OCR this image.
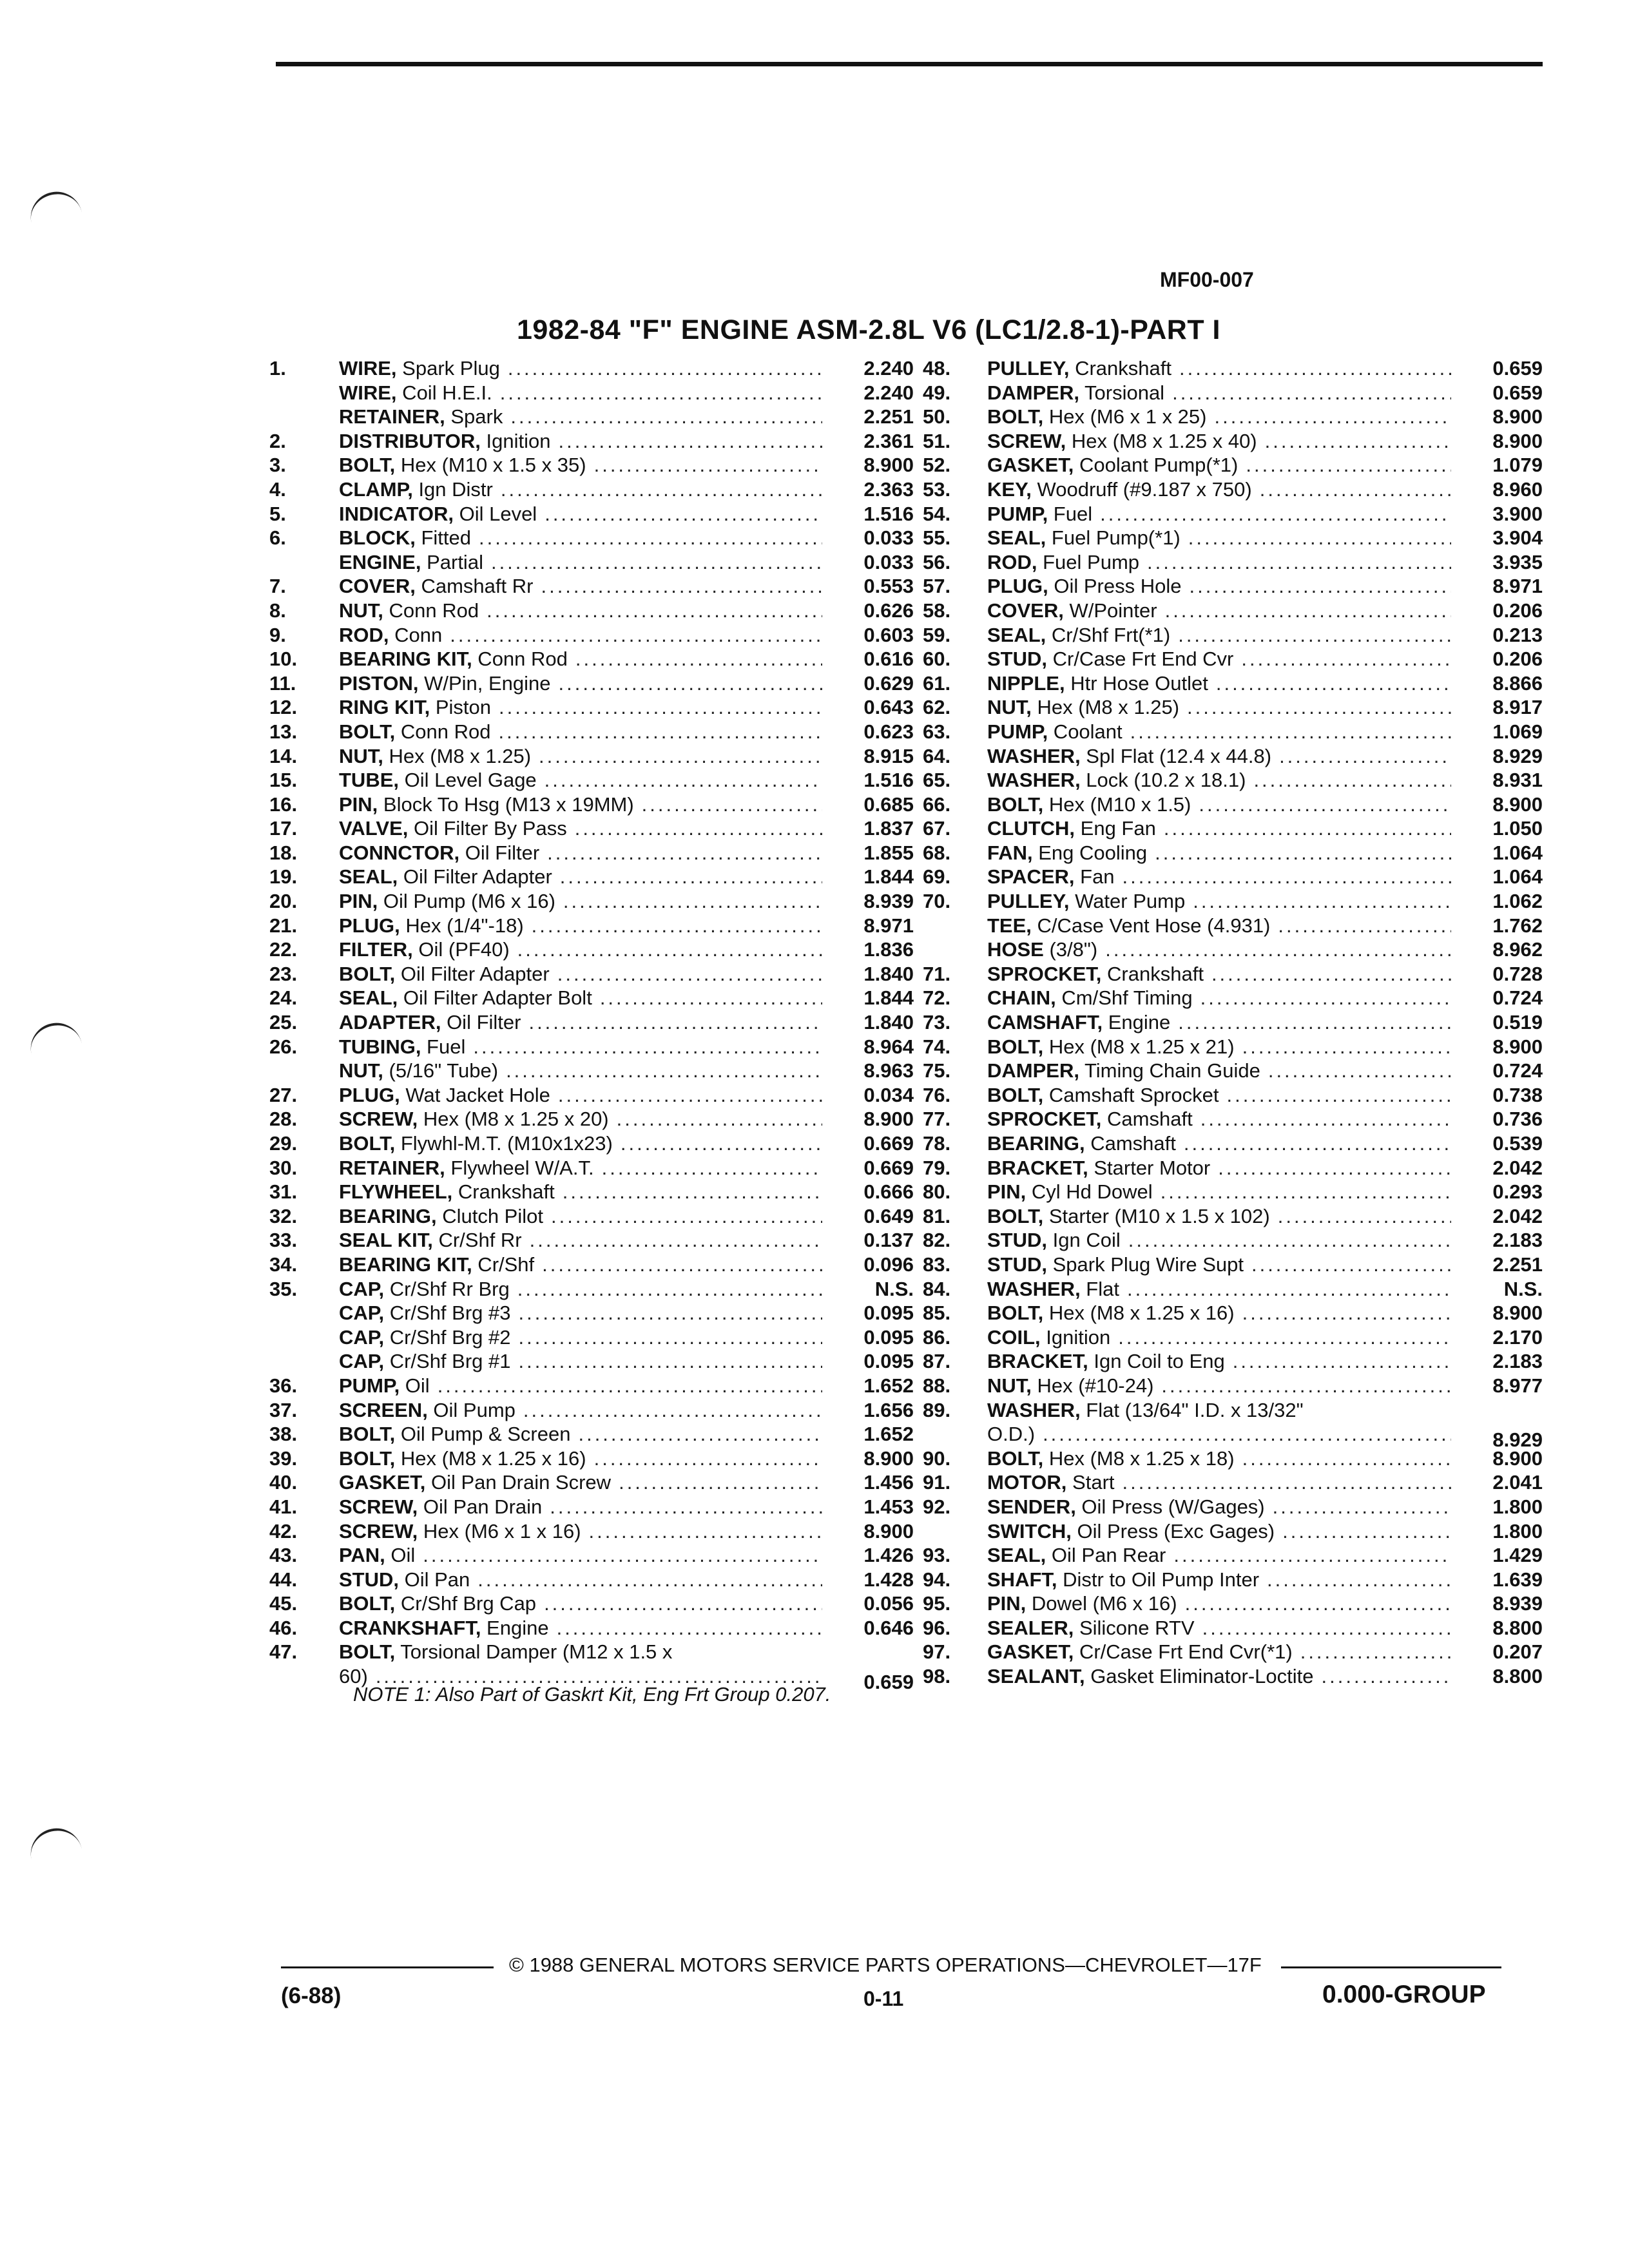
MF00-007
1982-84 "F" ENGINE ASM-2.8L V6 (LC1/2.8-1)-PART I
1.	WIRE, Spark Plug .....	2.240
WIRE, Coil H.E.I. .....	2.240
RETAINER, Spark .....	2.251
2.	DISTRIBUTOR, Ignition .....	2.361
3.	BOLT, Hex (M10 x 1.5 x 35) .....	8.900
4.	CLAMP, Ign Distr .....	2.363
5.	INDICATOR, Oil Level .....	1.516
6.	BLOCK, Fitted .....	0.033
ENGINE, Partial .....	0.033
7.	COVER, Camshaft Rr .....	0.553
8.	NUT, Conn Rod .....	0.626
9.	ROD, Conn .....	0.603
10.	BEARING KIT, Conn Rod .....	0.616
11.	PISTON, W/Pin, Engine .....	0.629
12.	RING KIT, Piston .....	0.643
13.	BOLT, Conn Rod .....	0.623
14.	NUT, Hex (M8 x 1.25) .....	8.915
15.	TUBE, Oil Level Gage .....	1.516
16.	PIN, Block To Hsg (M13 x 19MM) .....	0.685
17.	VALVE, Oil Filter By Pass .....	1.837
18.	CONNCTOR, Oil Filter .....	1.855
19.	SEAL, Oil Filter Adapter .....	1.844
20.	PIN, Oil Pump (M6 x 16) .....	8.939
21.	PLUG, Hex (1/4"-18) .....	8.971
22.	FILTER, Oil (PF40) .....	1.836
23.	BOLT, Oil Filter Adapter .....	1.840
24.	SEAL, Oil Filter Adapter Bolt .....	1.844
25.	ADAPTER, Oil Filter .....	1.840
26.	TUBING, Fuel .....	8.964
NUT, (5/16" Tube) .....	8.963
27.	PLUG, Wat Jacket Hole .....	0.034
28.	SCREW, Hex (M8 x 1.25 x 20) .....	8.900
29.	BOLT, Flywhl-M.T. (M10x1x23) .....	0.669
30.	RETAINER, Flywheel W/A.T. .....	0.669
31.	FLYWHEEL, Crankshaft .....	0.666
32.	BEARING, Clutch Pilot .....	0.649
33.	SEAL KIT, Cr/Shf Rr .....	0.137
34.	BEARING KIT, Cr/Shf .....	0.096
35.	CAP, Cr/Shf Rr Brg .....	N.S.
CAP, Cr/Shf Brg #3 .....	0.095
CAP, Cr/Shf Brg #2 .....	0.095
CAP, Cr/Shf Brg #1 .....	0.095
36.	PUMP, Oil .....	1.652
37.	SCREEN, Oil Pump .....	1.656
38.	BOLT, Oil Pump & Screen .....	1.652
39.	BOLT, Hex (M8 x 1.25 x 16) .....	8.900
40.	GASKET, Oil Pan Drain Screw .....	1.456
41.	SCREW, Oil Pan Drain .....	1.453
42.	SCREW, Hex (M6 x 1 x 16) .....	8.900
43.	PAN, Oil .....	1.426
44.	STUD, Oil Pan .....	1.428
45.	BOLT, Cr/Shf Brg Cap .....	0.056
46.	CRANKSHAFT, Engine .....	0.646
47.	BOLT, Torsional Damper (M12 x 1.5 x
60) .....	0.659
48.	PULLEY, Crankshaft .....	0.659
49.	DAMPER, Torsional .....	0.659
50.	BOLT, Hex (M6 x 1 x 25) .....	8.900
51.	SCREW, Hex (M8 x 1.25 x 40) .....	8.900
52.	GASKET, Coolant Pump(*1) .....	1.079
53.	KEY, Woodruff (#9.187 x 750) .....	8.960
54.	PUMP, Fuel .....	3.900
55.	SEAL, Fuel Pump(*1) .....	3.904
56.	ROD, Fuel Pump .....	3.935
57.	PLUG, Oil Press Hole .....	8.971
58.	COVER, W/Pointer .....	0.206
59.	SEAL, Cr/Shf Frt(*1) .....	0.213
60.	STUD, Cr/Case Frt End Cvr .....	0.206
61.	NIPPLE, Htr Hose Outlet .....	8.866
62.	NUT, Hex (M8 x 1.25) .....	8.917
63.	PUMP, Coolant .....	1.069
64.	WASHER, Spl Flat (12.4 x 44.8) .....	8.929
65.	WASHER, Lock (10.2 x 18.1) .....	8.931
66.	BOLT, Hex (M10 x 1.5) .....	8.900
67.	CLUTCH, Eng Fan .....	1.050
68.	FAN, Eng Cooling .....	1.064
69.	SPACER, Fan .....	1.064
70.	PULLEY, Water Pump .....	1.062
TEE, C/Case Vent Hose (4.931) .....	1.762
HOSE (3/8") .....	8.962
71.	SPROCKET, Crankshaft .....	0.728
72.	CHAIN, Cm/Shf Timing .....	0.724
73.	CAMSHAFT, Engine .....	0.519
74.	BOLT, Hex (M8 x 1.25 x 21) .....	8.900
75.	DAMPER, Timing Chain Guide .....	0.724
76.	BOLT, Camshaft Sprocket .....	0.738
77.	SPROCKET, Camshaft .....	0.736
78.	BEARING, Camshaft .....	0.539
79.	BRACKET, Starter Motor .....	2.042
80.	PIN, Cyl Hd Dowel .....	0.293
81.	BOLT, Starter (M10 x 1.5 x 102) .....	2.042
82.	STUD, Ign Coil .....	2.183
83.	STUD, Spark Plug Wire Supt .....	2.251
84.	WASHER, Flat .....	N.S.
85.	BOLT, Hex (M8 x 1.25 x 16) .....	8.900
86.	COIL, Ignition .....	2.170
87.	BRACKET, Ign Coil to Eng .....	2.183
88.	NUT, Hex (#10-24) .....	8.977
89.	WASHER, Flat (13/64" I.D. x 13/32"
O.D.) .....	8.929
90.	BOLT, Hex (M8 x 1.25 x 18) .....	8.900
91.	MOTOR, Start .....	2.041
92.	SENDER, Oil Press (W/Gages) .....	1.800
SWITCH, Oil Press (Exc Gages) .....	1.800
93.	SEAL, Oil Pan Rear .....	1.429
94.	SHAFT, Distr to Oil Pump Inter .....	1.639
95.	PIN, Dowel (M6 x 16) .....	8.939
96.	SEALER, Silicone RTV .....	8.800
97.	GASKET, Cr/Case Frt End Cvr(*1) .....	0.207
98.	SEALANT, Gasket Eliminator-Loctite .....	8.800
NOTE 1: Also Part of Gaskrt Kit, Eng Frt Group 0.207.
© 1988 GENERAL MOTORS SERVICE PARTS OPERATIONS—CHEVROLET—17F
(6-88)	0-11	0.000-GROUP
